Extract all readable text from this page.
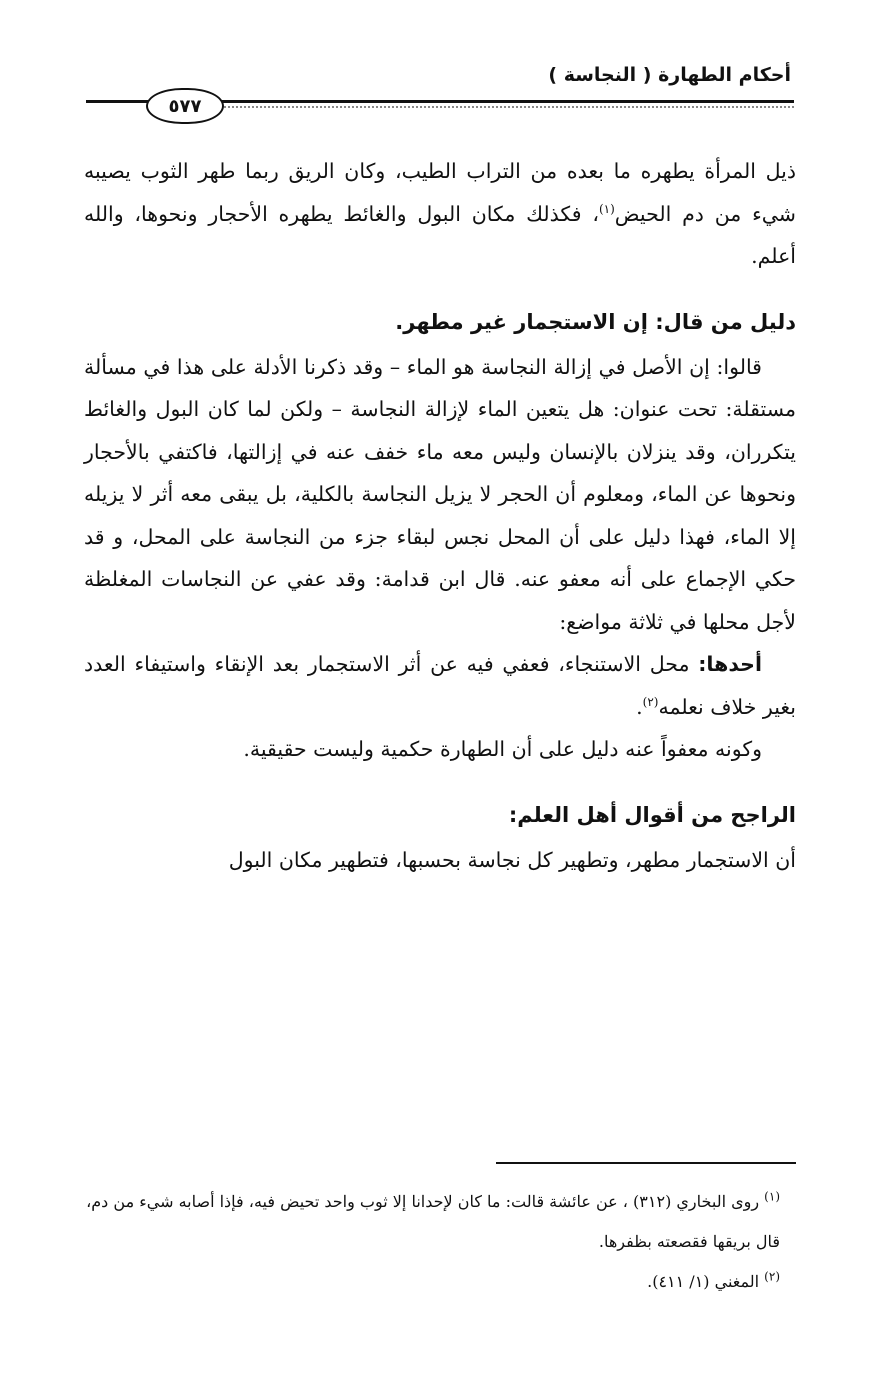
أحكام الطهارة ( النجاسة )
٥٧٧

ذيل المرأة يطهره ما بعده من التراب الطيب، وكان الريق ربما طهر الثوب يصيبه شيء من دم الحيض$^{(١)}$، فكذلك مكان البول والغائط يطهره الأحجار ونحوها، والله أعلم.

دليل من قال: إن الاستجمار غير مطهر.

قالوا: إن الأصل في إزالة النجاسة هو الماء – وقد ذكرنا الأدلة على هذا في مسألة مستقلة: تحت عنوان: هل يتعين الماء لإزالة النجاسة – ولكن لما كان البول والغائط يتكرران، وقد ينزلان بالإنسان وليس معه ماء خفف عنه في إزالتها، فاكتفي بالأحجار ونحوها عن الماء، ومعلوم أن الحجر لا يزيل النجاسة بالكلية، بل يبقى معه أثر لا يزيله إلا الماء، فهذا دليل على أن المحل نجس لبقاء جزء من النجاسة على المحل، و قد حكي الإجماع على أنه معفو عنه. قال ابن قدامة: وقد عفي عن النجاسات المغلظة لأجل محلها في ثلاثة مواضع:

أحدها: محل الاستنجاء، فعفي فيه عن أثر الاستجمار بعد الإنقاء واستيفاء العدد بغير خلاف نعلمه$^{(٢)}$.

وكونه معفواً عنه دليل على أن الطهارة حكمية وليست حقيقية.

الراجح من أقوال أهل العلم:

أن الاستجمار مطهر، وتطهير كل نجاسة بحسبها، فتطهير مكان البول

$^{(١)}$ روى البخاري (٣١٢) ، عن عائشة قالت: ما كان لإحدانا إلا ثوب واحد تحيض فيه، فإذا أصابه شيء من دم، قال بريقها فقصعته بظفرها.

$^{(٢)}$ المغني (١/ ٤١١).
